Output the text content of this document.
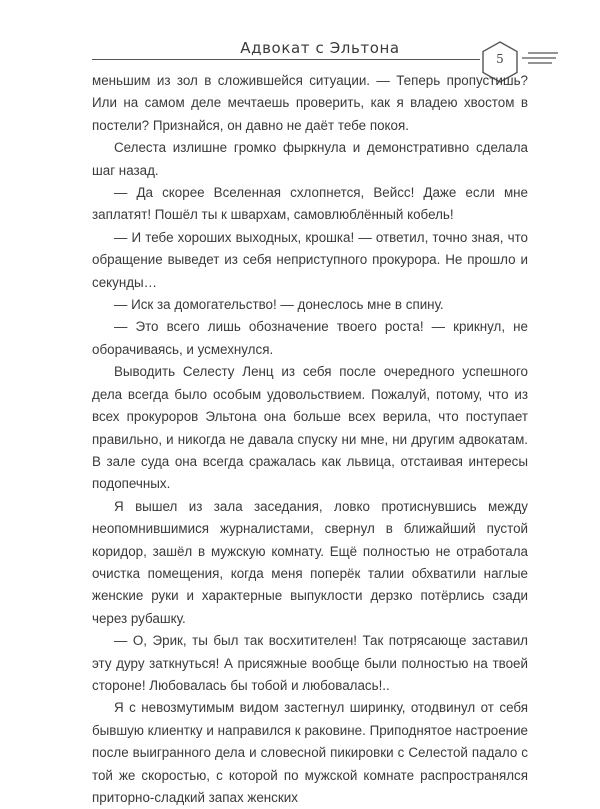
Адвокат с Эльтона
5

меньшим из зол в сложившейся ситуации. — Теперь пропустишь? Или на самом деле мечтаешь проверить, как я владею хвостом в постели? Признайся, он давно не даёт тебе покоя.

Селеста излишне громко фыркнула и демонстративно сделала шаг назад.

— Да скорее Вселенная схлопнется, Вейсс! Даже если мне заплатят! Пошёл ты к швархам, самовлюблённый кобель!

— И тебе хороших выходных, крошка! — ответил, точно зная, что обращение выведет из себя неприступного прокурора. Не прошло и секунды…

— Иск за домогательство! — донеслось мне в спину.

— Это всего лишь обозначение твоего роста! — крикнул, не оборачиваясь, и усмехнулся.

Выводить Селесту Ленц из себя после очередного успешного дела всегда было особым удовольствием. Пожалуй, потому, что из всех прокуроров Эльтона она больше всех верила, что поступает правильно, и никогда не давала спуску ни мне, ни другим адвокатам. В зале суда она всегда сражалась как львица, отстаивая интересы подопечных.

Я вышел из зала заседания, ловко протиснувшись между неопомнившимися журналистами, свернул в ближайший пустой коридор, зашёл в мужскую комнату. Ещё полностью не отработала очистка помещения, когда меня поперёк талии обхватили наглые женские руки и характерные выпуклости дерзко потёрлись сзади через рубашку.

— О, Эрик, ты был так восхитителен! Так потрясающе заставил эту дуру заткнуться! А присяжные вообще были полностью на твоей стороне! Любовалась бы тобой и любовалась!..

Я с невозмутимым видом застегнул ширинку, отодвинул от себя бывшую клиентку и направился к раковине. Приподнятое настроение после выигранного дела и словесной пикировки с Селестой падало с той же скоростью, с которой по мужской комнате распространялся приторно-сладкий запах женских
